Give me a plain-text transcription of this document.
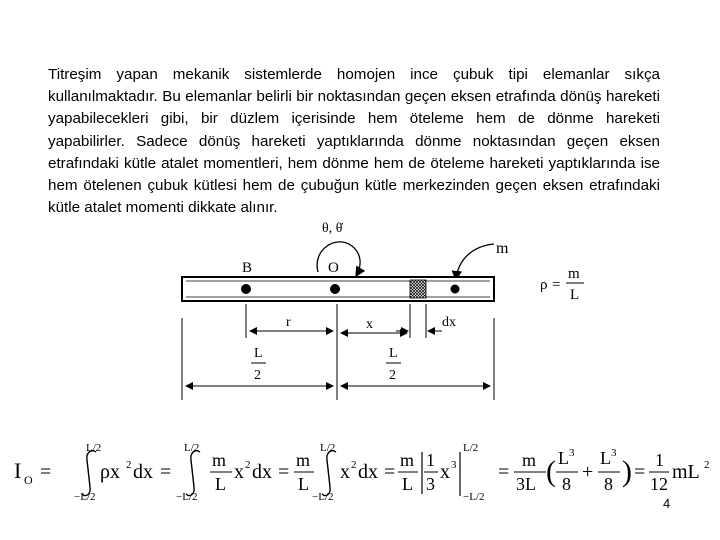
Titreşim yapan mekanik sistemlerde homojen ince çubuk tipi elemanlar sıkça kullanılmaktadır. Bu elemanlar belirli bir noktasından geçen eksen etrafında dönüş hareketi yapabilecekleri gibi, bir düzlem içerisinde hem öteleme hem de dönme hareketi yapabilirler. Sadece dönüş hareketi yaptıklarında dönme noktasından geçen eksen etrafındaki kütle atalet momentleri, hem dönme hem de öteleme hareketi yaptıklarında ise hem ötelenen çubuk kütlesi hem de çubuğun kütle merkezinden geçen eksen etrafındaki kütle atalet momenti dikkate alınır.
θ, θ̇
m
B	O
ρ =
m
L
r	x	dx
L
2
L
2
I O =
L/2
−L/2
ρx 2 dx =
L/2
−L/2
m
L
x 2 dx =
m
L
L/2
−L/2
x 2 dx =
m
L
1
3
x 3
L/2
−L/2
=
m
3L ( L 3
8
+
L 3
8 ) =
1
12
mL 2
4
